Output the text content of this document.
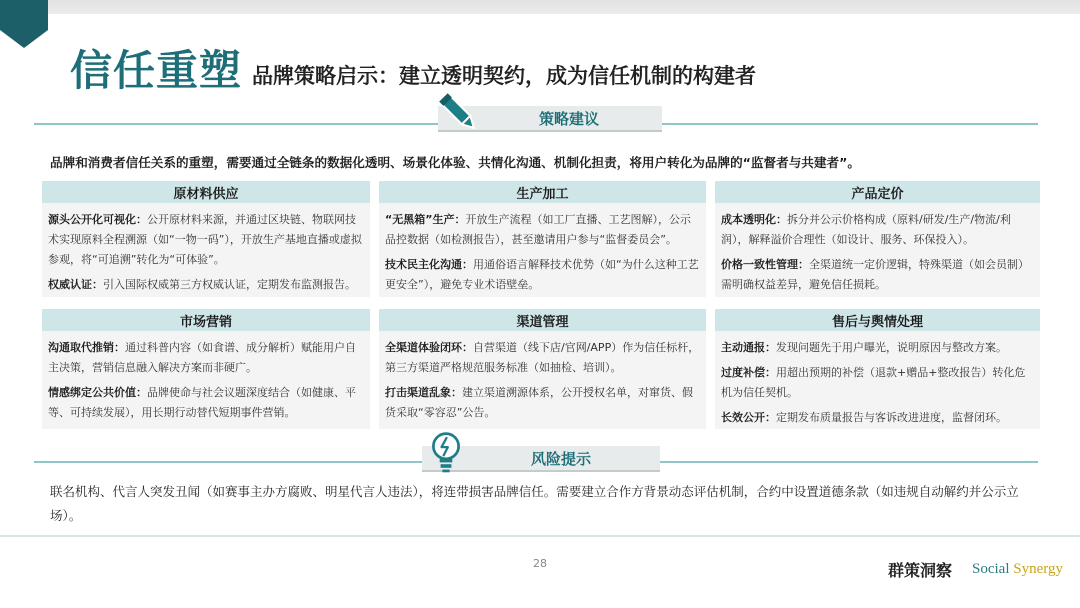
信任重塑 品牌策略启示：建立透明契约，成为信任机制的构建者
策略建议
品牌和消费者信任关系的重塑，需要通过全链条的数据化透明、场景化体验、共情化沟通、机制化担责，将用户转化为品牌的“监督者与共建者”。
原材料供应
源头公开化可视化：公开原材料来源，并通过区块链、物联网技术实现原料全程溯源（如“一物一码”），开放生产基地直播或虚拟参观，将“可追溯”转化为“可体验”。
权威认证：引入国际权威第三方权威认证，定期发布监测报告。
生产加工
“无黑箱”生产：开放生产流程（如工厂直播、工艺图解），公示品控数据（如检测报告），甚至邀请用户参与“监督委员会”。
技术民主化沟通：用通俗语言解释技术优势（如“为什么这种工艺更安全”），避免专业术语壁垒。
产品定价
成本透明化：拆分并公示价格构成（原料/研发/生产/物流/利润），解释溢价合理性（如设计、服务、环保投入）。
价格一致性管理：全渠道统一定价逻辑，特殊渠道（如会员制）需明确权益差异，避免信任损耗。
市场营销
沟通取代推销：通过科普内容（如食谱、成分解析）赋能用户自主决策，营销信息融入解决方案而非硬广。
情感绑定公共价值：品牌使命与社会议题深度结合（如健康、平等、可持续发展），用长期行动替代短期事件营销。
渠道管理
全渠道体验闭环：自营渠道（线下店/官网/APP）作为信任标杆，第三方渠道严格规范服务标准（如抽检、培训）。
打击渠道乱象：建立渠道溯源体系，公开授权名单，对窜货、假货采取“零容忍”公告。
售后与舆情处理
主动通报：发现问题先于用户曝光，说明原因与整改方案。
过度补偿：用超出预期的补偿（退款+赠品+整改报告）转化危机为信任契机。
长效公开：定期发布质量报告与客诉改进进度，监督闭环。
风险提示
联名机构、代言人突发丑闻（如赛事主办方腐败、明星代言人违法），将连带损害品牌信任。需要建立合作方背景动态评估机制，合约中设置道德条款（如违规自动解约并公示立场）。
28	群策洞察 Social Synergy
